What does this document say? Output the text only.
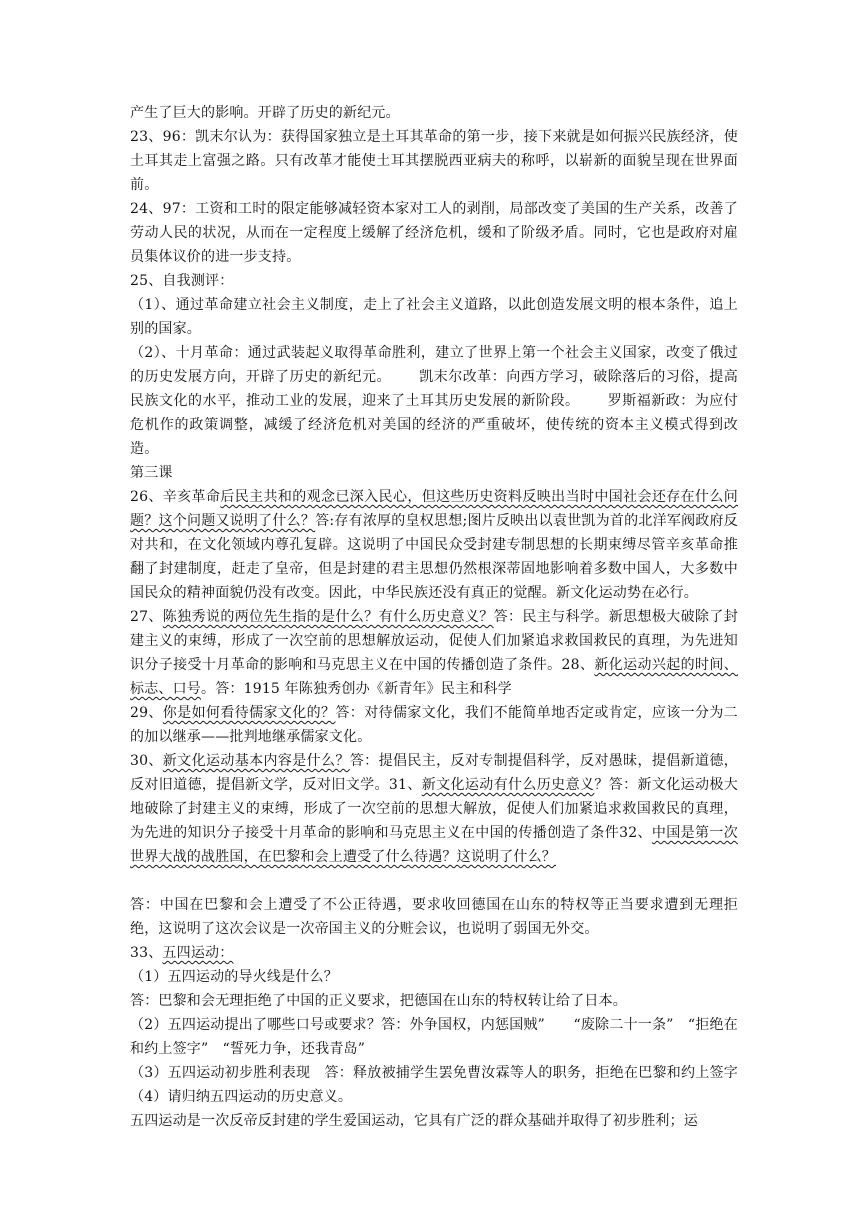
产生了巨大的影响。开辟了历史的新纪元。

23、96：凯末尔认为：获得国家独立是土耳其革命的第一步，接下来就是如何振兴民族经济，使土耳其走上富强之路。只有改革才能使土耳其摆脱西亚病夫的称呼，以崭新的面貌呈现在世界面前。

24、97：工资和工时的限定能够减轻资本家对工人的剥削，局部改变了美国的生产关系，改善了劳动人民的状况，从而在一定程度上缓解了经济危机，缓和了阶级矛盾。同时，它也是政府对雇员集体议价的进一步支持。

25、自我测评：

（1）、通过革命建立社会主义制度，走上了社会主义道路，以此创造发展文明的根本条件，追上别的国家。

（2）、十月革命：通过武装起义取得革命胜利，建立了世界上第一个社会主义国家，改变了俄过的历史发展方向，开辟了历史的新纪元。 凯末尔改革：向西方学习，破除落后的习俗，提高民族文化的水平，推动工业的发展，迎来了土耳其历史发展的新阶段。 罗斯福新政：为应付危机作的政策调整，减缓了经济危机对美国的经济的严重破坏，使传统的资本主义模式得到改造。

第三课

26、辛亥革命后民主共和的观念已深入民心，但这些历史资料反映出当时中国社会还存在什么问题？这个问题又说明了什么？答:存有浓厚的皇权思想;图片反映出以袁世凯为首的北洋军阀政府反对共和，在文化领域内尊孔复辟。这说明了中国民众受封建专制思想的长期束缚尽管辛亥革命推翻了封建制度，赶走了皇帝，但是封建的君主思想仍然根深蒂固地影响着多数中国人，大多数中国民众的精神面貌仍没有改变。因此，中华民族还没有真正的觉醒。新文化运动势在必行。

27、陈独秀说的两位先生指的是什么？有什么历史意义？答：民主与科学。新思想极大破除了封建主义的束缚，形成了一次空前的思想解放运动，促使人们加紧追求救国救民的真理，为先进知识分子接受十月革命的影响和马克思主义在中国的传播创造了条件。28、新化运动兴起的时间、标志、口号。答：1915 年陈独秀创办《新青年》民主和科学

29、你是如何看待儒家文化的？答：对待儒家文化，我们不能简单地否定或肯定，应该一分为二的加以继承——批判地继承儒家文化。

30、新文化运动基本内容是什么？答：提倡民主，反对专制提倡科学，反对愚昧，提倡新道德，反对旧道德，提倡新文学，反对旧文学。31、新文化运动有什么历史意义？答：新文化运动极大地破除了封建主义的束缚，形成了一次空前的思想大解放，促使人们加紧追求救国救民的真理，为先进的知识分子接受十月革命的影响和马克思主义在中国的传播创造了条件32、中国是第一次世界大战的战胜国，在巴黎和会上遭受了什么待遇？这说明了什么？

答：中国在巴黎和会上遭受了不公正待遇，要求收回德国在山东的特权等正当要求遭到无理拒绝，这说明了这次会议是一次帝国主义的分赃会议，也说明了弱国无外交。

33、五四运动：

（1）五四运动的导火线是什么？

答：巴黎和会无理拒绝了中国的正义要求，把德国在山东的特权转让给了日本。

（2）五四运动提出了哪些口号或要求？答：外争国权，内惩国贼”　　“废除二十一条”　“拒绝在和约上签字”　“誓死力争，还我青岛”

（3）五四运动初步胜利表现　答：释放被捕学生罢免曹汝霖等人的职务，拒绝在巴黎和约上签字（4）请归纳五四运动的历史意义。

五四运动是一次反帝反封建的学生爱国运动，它具有广泛的群众基础并取得了初步胜利；运
